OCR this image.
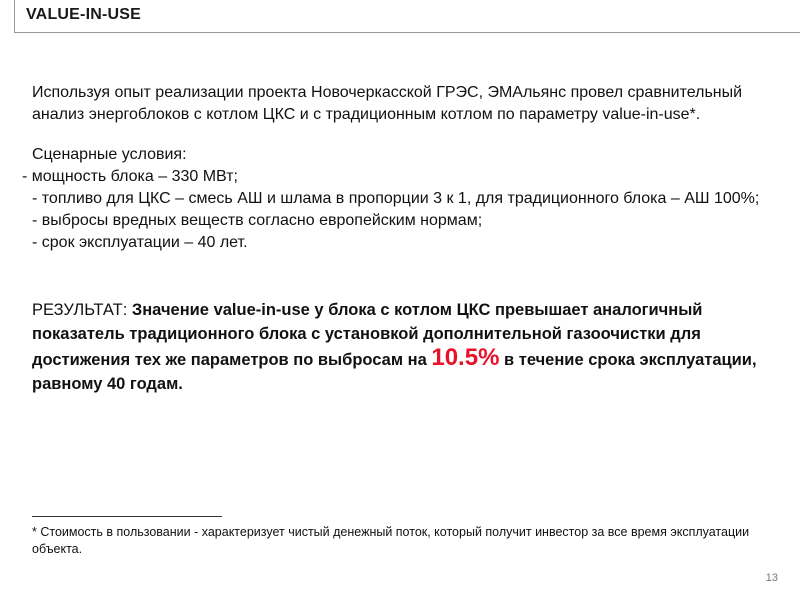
VALUE-IN-USE

Используя опыт реализации проекта Новочеркасской ГРЭС, ЭМАльянс провел сравнительный анализ энергоблоков с котлом ЦКС и с традиционным котлом по параметру value-in-use*.

Сценарные условия:

- мощность блока – 330 МВт;
- топливо для ЦКС – смесь АШ и шлама в пропорции 3 к 1, для традиционного блока – АШ 100%;
- выбросы вредных веществ согласно европейским нормам;
- срок эксплуатации – 40 лет.

РЕЗУЛЬТАТ: Значение value-in-use у блока с котлом ЦКС превышает аналогичный показатель традиционного блока с установкой дополнительной газоочистки для достижения тех же параметров по выбросам на 10.5% в течение срока эксплуатации, равному 40 годам.

* Стоимость в пользовании - характеризует чистый денежный поток, который получит инвестор за все время эксплуатации объекта.
13
